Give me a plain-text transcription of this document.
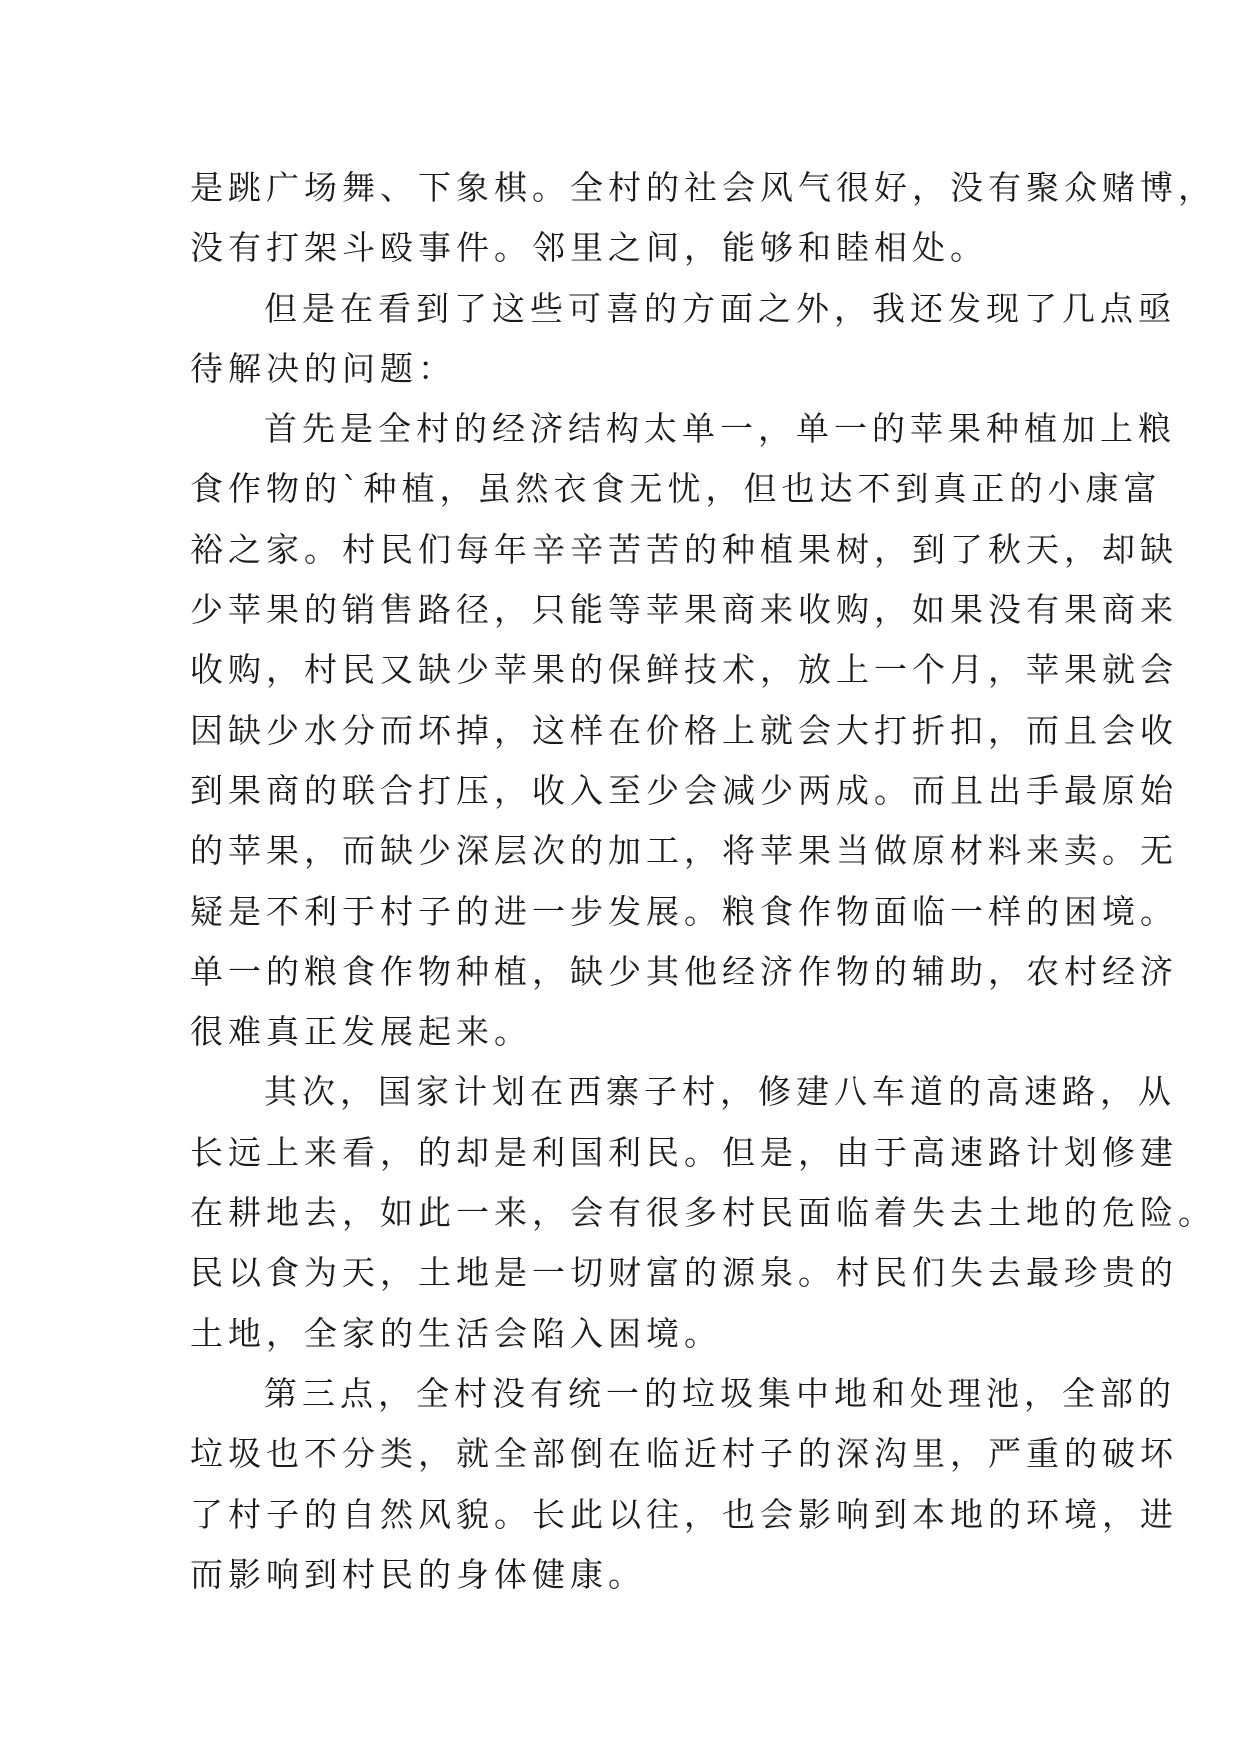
是跳广场舞、下象棋。全村的社会风气很好，没有聚众赌博，
没有打架斗殴事件。邻里之间，能够和睦相处。
但是在看到了这些可喜的方面之外，我还发现了几点亟
待解决的问题：
首先是全村的经济结构太单一，单一的苹果种植加上粮
食作物的`种植，虽然衣食无忧，但也达不到真正的小康富
裕之家。村民们每年辛辛苦苦的种植果树，到了秋天，却缺
少苹果的销售路径，只能等苹果商来收购，如果没有果商来
收购，村民又缺少苹果的保鲜技术，放上一个月，苹果就会
因缺少水分而坏掉，这样在价格上就会大打折扣，而且会收
到果商的联合打压，收入至少会减少两成。而且出手最原始
的苹果，而缺少深层次的加工，将苹果当做原材料来卖。无
疑是不利于村子的进一步发展。粮食作物面临一样的困境。
单一的粮食作物种植，缺少其他经济作物的辅助，农村经济
很难真正发展起来。
其次，国家计划在西寨子村，修建八车道的高速路，从
长远上来看，的却是利国利民。但是，由于高速路计划修建
在耕地去，如此一来，会有很多村民面临着失去土地的危险。
民以食为天，土地是一切财富的源泉。村民们失去最珍贵的
土地，全家的生活会陷入困境。
第三点，全村没有统一的垃圾集中地和处理池，全部的
垃圾也不分类，就全部倒在临近村子的深沟里，严重的破坏
了村子的自然风貌。长此以往，也会影响到本地的环境，进
而影响到村民的身体健康。
